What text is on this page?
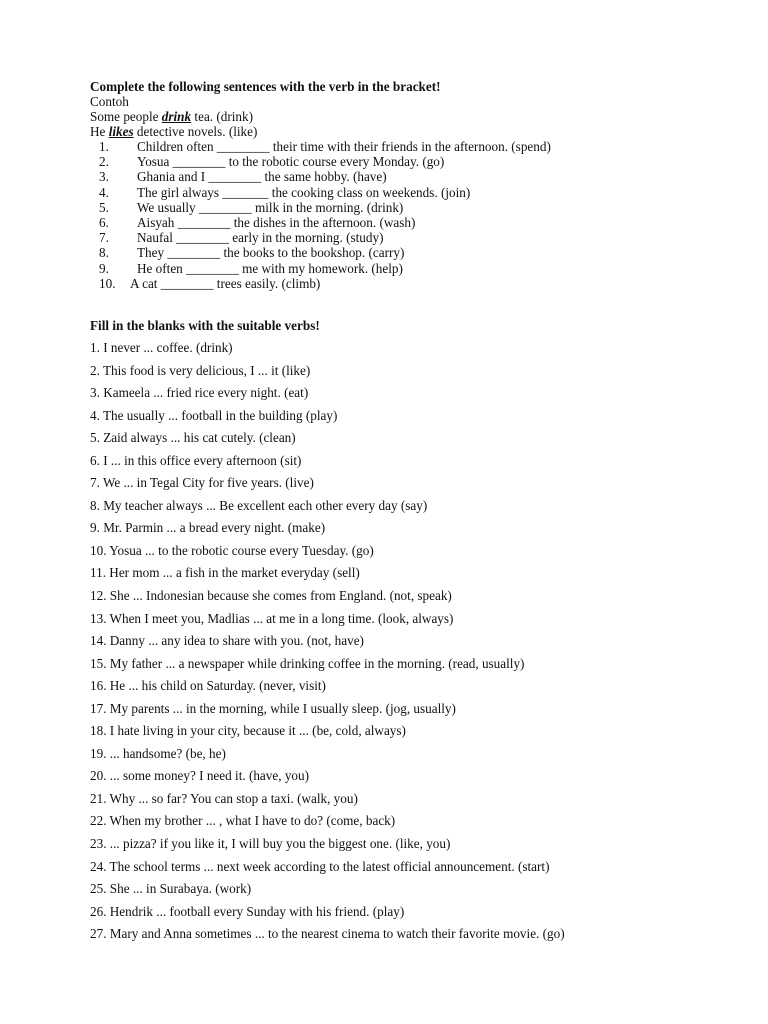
Complete the following sentences with the verb in the bracket!
Contoh
Some people drink tea. (drink)
He likes detective novels. (like)
1. Children often ________ their time with their friends in the afternoon. (spend)
2. Yosua ________ to the robotic course every Monday. (go)
3. Ghania and I ________ the same hobby. (have)
4. The girl always _______ the cooking class on weekends. (join)
5. We usually ________ milk in the morning. (drink)
6. Aisyah ________ the dishes in the afternoon. (wash)
7. Naufal ________ early in the morning. (study)
8. They ________ the books to the bookshop. (carry)
9. He often ________ me with my homework. (help)
10. A cat ________ trees easily. (climb)
Fill in the blanks with the suitable verbs!
1. I never ... coffee. (drink)
2. This food is very delicious, I ... it (like)
3. Kameela ... fried rice every night. (eat)
4. The usually ... football in the building (play)
5. Zaid always ... his cat cutely. (clean)
6. I ... in this office every afternoon (sit)
7. We ... in Tegal City for five years. (live)
8. My teacher always ... Be excellent each other every day (say)
9. Mr. Parmin ... a bread every night. (make)
10. Yosua ... to the robotic course every Tuesday. (go)
11. Her mom ... a fish in the market everyday (sell)
12. She ... Indonesian because she comes from England. (not, speak)
13. When I meet you, Madlias ... at me in a long time. (look, always)
14. Danny ... any idea to share with you. (not, have)
15. My father ... a newspaper while drinking coffee in the morning. (read, usually)
16. He ... his child on Saturday. (never, visit)
17. My parents ... in the morning, while I usually sleep. (jog, usually)
18. I hate living in your city, because it ... (be, cold, always)
19. ... handsome? (be, he)
20. ... some money? I need it. (have, you)
21. Why ... so far? You can stop a taxi. (walk, you)
22. When my brother ... , what I have to do? (come, back)
23. ... pizza? if you like it, I will buy you the biggest one. (like, you)
24. The school terms ... next week according to the latest official announcement. (start)
25. She ... in Surabaya. (work)
26. Hendrik ... football every Sunday with his friend. (play)
27. Mary and Anna sometimes ... to the nearest cinema to watch their favorite movie. (go)
